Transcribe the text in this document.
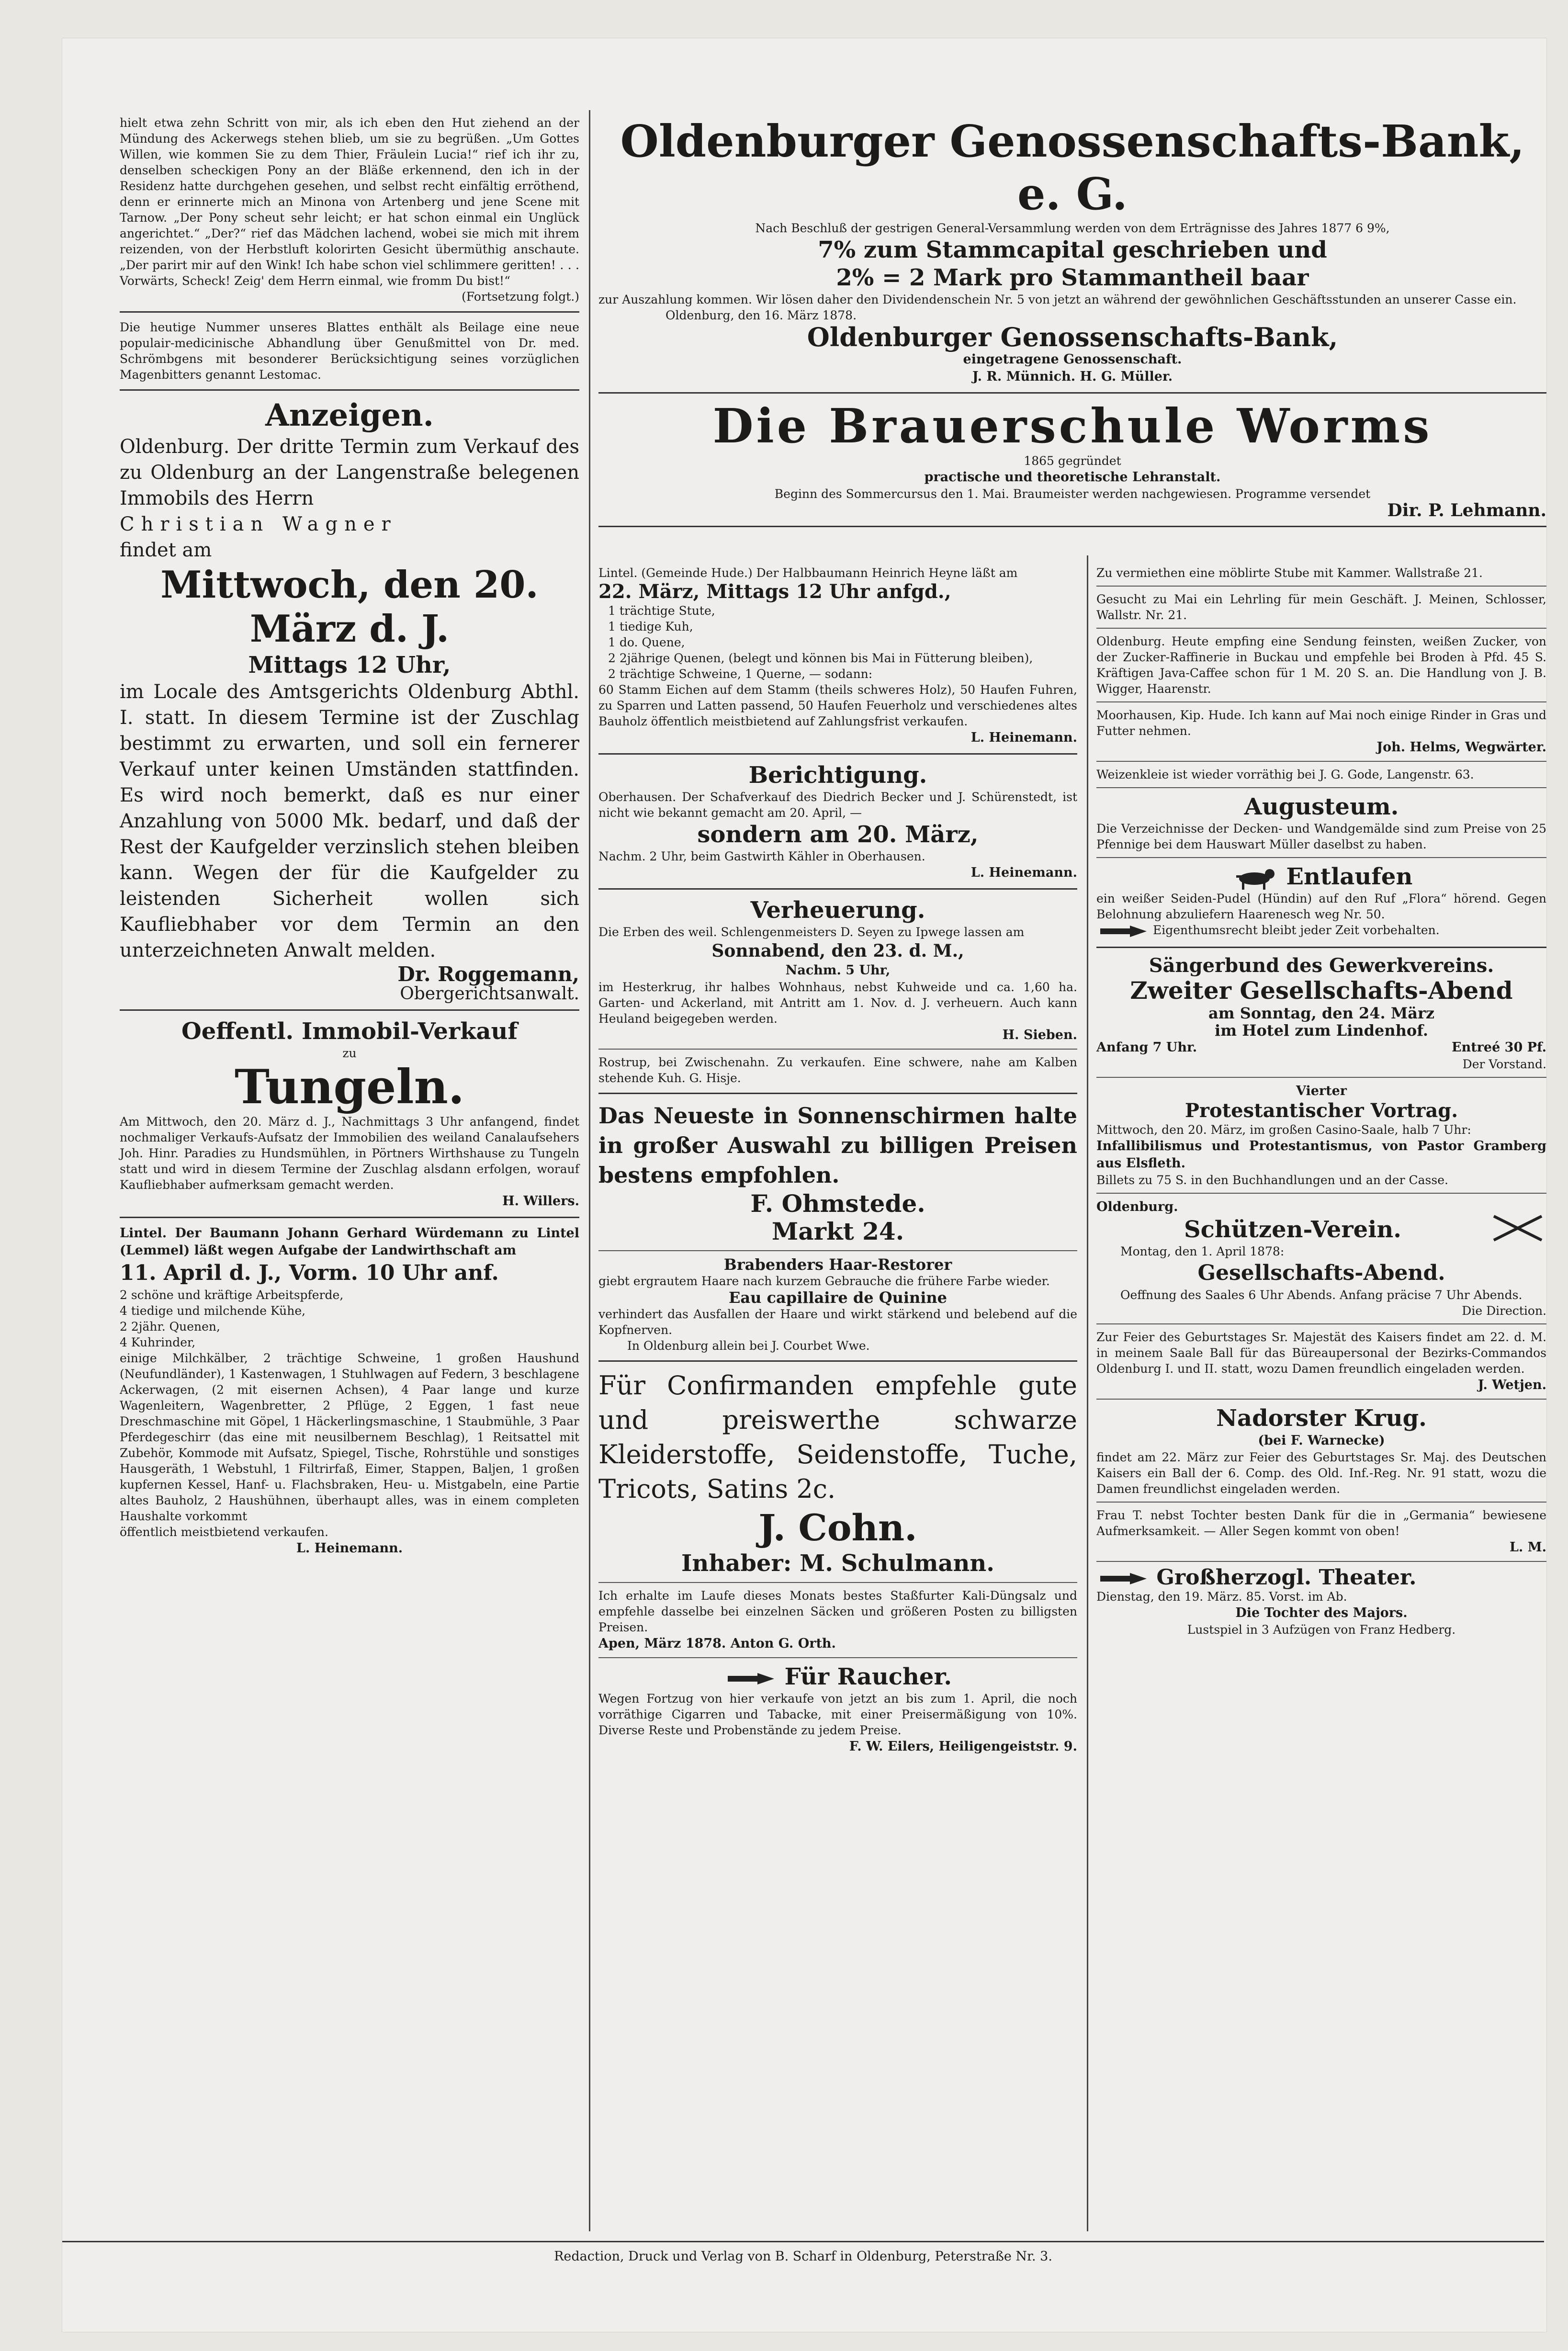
hielt etwa zehn Schritt von mir, als ich eben den Hut ziehend an der Mündung des Ackerwegs stehen blieb, um sie zu begrüßen. „Um Gottes Willen, wie kommen Sie zu dem Thier, Fräulein Lucia!“ rief ich ihr zu, denselben scheckigen Pony an der Bläße erkennend, den ich in der Residenz hatte durchgehen gesehen, und selbst recht einfältig erröthend, denn er erinnerte mich an Minona von Artenberg und jene Scene mit Tarnow. „Der Pony scheut sehr leicht; er hat schon einmal ein Unglück angerichtet.“ „Der?“ rief das Mädchen lachend, wobei sie mich mit ihrem reizenden, von der Herbstluft kolorirten Gesicht übermüthig anschaute. „Der parirt mir auf den Wink! Ich habe schon viel schlimmere geritten! . . . Vorwärts, Scheck! Zeig' dem Herrn einmal, wie fromm Du bist!“

(Fortsetzung folgt.)

Die heutige Nummer unseres Blattes enthält als Beilage eine neue populair-medicinische Abhandlung über Genußmittel von Dr. med. Schrömbgens mit besonderer Berücksichtigung seines vorzüglichen Magenbitters genannt Lestomac.

Anzeigen.

Oldenburg. Der dritte Termin zum Verkauf des zu Oldenburg an der Langenstraße belegenen Immobils des Herrn

Christian Wagner

findet am

Mittwoch, den 20. März d. J.
Mittags 12 Uhr,

im Locale des Amtsgerichts Oldenburg Abthl. I. statt. In diesem Termine ist der Zuschlag bestimmt zu erwarten, und soll ein fernerer Verkauf unter keinen Umständen stattfinden. Es wird noch bemerkt, daß es nur einer Anzahlung von 5000 Mk. bedarf, und daß der Rest der Kaufgelder verzinslich stehen bleiben kann. Wegen der für die Kaufgelder zu leistenden Sicherheit wollen sich Kaufliebhaber vor dem Termin an den unterzeichneten Anwalt melden.

Dr. Roggemann,
Obergerichtsanwalt.
Oeffentl. Immobil-Verkauf
zu
Tungeln.

Am Mittwoch, den 20. März d. J., Nachmittags 3 Uhr anfangend, findet nochmaliger Verkaufs-Aufsatz der Immobilien des weiland Canalaufsehers Joh. Hinr. Paradies zu Hundsmühlen, in Pörtners Wirthshause zu Tungeln statt und wird in diesem Termine der Zuschlag alsdann erfolgen, worauf Kaufliebhaber aufmerksam gemacht werden.

H. Willers.

Lintel. Der Baumann Johann Gerhard Würdemann zu Lintel (Lemmel) läßt wegen Aufgabe der Landwirthschaft am

11. April d. J., Vorm. 10 Uhr anf.
2 schöne und kräftige Arbeitspferde,
4 tiedige und milchende Kühe,
2 2jähr. Quenen,
4 Kuhrinder,

einige Milchkälber, 2 trächtige Schweine, 1 großen Haushund (Neufundländer), 1 Kastenwagen, 1 Stuhlwagen auf Federn, 3 beschlagene Ackerwagen, (2 mit eisernen Achsen), 4 Paar lange und kurze Wagenleitern, Wagenbretter, 2 Pflüge, 2 Eggen, 1 fast neue Dreschmaschine mit Göpel, 1 Häckerlingsmaschine, 1 Staubmühle, 3 Paar Pferdegeschirr (das eine mit neusilbernem Beschlag), 1 Reitsattel mit Zubehör, Kommode mit Aufsatz, Spiegel, Tische, Rohrstühle und sonstiges Hausgeräth, 1 Webstuhl, 1 Filtrirfaß, Eimer, Stappen, Baljen, 1 großen kupfernen Kessel, Hanf- u. Flachsbraken, Heu- u. Mistgabeln, eine Partie altes Bauholz, 2 Haushühnen, überhaupt alles, was in einem completen Haushalte vorkommt

öffentlich meistbietend verkaufen.
L. Heinemann.
Oldenburger Genossenschafts-Bank, e. G.
Nach Beschluß der gestrigen General-Versammlung werden von dem Erträgnisse des Jahres 1877 6 9%,
7% zum Stammcapital geschrieben und
2% = 2 Mark pro Stammantheil baar
zur Auszahlung kommen. Wir lösen daher den Dividendenschein Nr. 5 von jetzt an während der gewöhnlichen Geschäftsstunden an unserer Casse ein.
Oldenburg, den 16. März 1878.
Oldenburger Genossenschafts-Bank,
eingetragene Genossenschaft.
J. R. Münnich. H. G. Müller.
Die Brauerschule Worms
1865 gegründet
practische und theoretische Lehranstalt.
Beginn des Sommercursus den 1. Mai. Braumeister werden nachgewiesen. Programme versendet
Dir. P. Lehmann.

Lintel. (Gemeinde Hude.) Der Halbbaumann Heinrich Heyne läßt am

22. März, Mittags 12 Uhr anfgd.,
1 trächtige Stute,
1 tiedige Kuh,
1 do. Quene,
2 2jährige Quenen, (belegt und können bis Mai in Fütterung bleiben),
2 trächtige Schweine, 1 Querne, — sodann:

60 Stamm Eichen auf dem Stamm (theils schweres Holz), 50 Haufen Fuhren, zu Sparren und Latten passend, 50 Haufen Feuerholz und verschiedenes altes Bauholz öffentlich meistbietend auf Zahlungsfrist verkaufen.

L. Heinemann.
Berichtigung.

Oberhausen. Der Schafverkauf des Diedrich Becker und J. Schürenstedt, ist nicht wie bekannt gemacht am 20. April, —

sondern am 20. März,
Nachm. 2 Uhr, beim Gastwirth Kähler in Oberhausen.
L. Heinemann.
Verheuerung.

Die Erben des weil. Schlengenmeisters D. Seyen zu Ipwege lassen am

Sonnabend, den 23. d. M.,
Nachm. 5 Uhr,

im Hesterkrug, ihr halbes Wohnhaus, nebst Kuhweide und ca. 1,60 ha. Garten- und Ackerland, mit Antritt am 1. Nov. d. J. verheuern. Auch kann Heuland beigegeben werden.

H. Sieben.

Rostrup, bei Zwischenahn. Zu verkaufen. Eine schwere, nahe am Kalben stehende Kuh. G. Hisje.

Das Neueste in Sonnenschirmen halte in großer Auswahl zu billigen Preisen bestens empfohlen.

F. Ohmstede.
Markt 24.
Brabenders Haar-Restorer

giebt ergrautem Haare nach kurzem Gebrauche die frühere Farbe wieder.

Eau capillaire de Quinine

verhindert das Ausfallen der Haare und wirkt stärkend und belebend auf die Kopfnerven.

In Oldenburg allein bei J. Courbet Wwe.

Für Confirmanden empfehle gute und preiswerthe schwarze Kleiderstoffe, Seidenstoffe, Tuche, Tricots, Satins 2c.

J. Cohn.
Inhaber: M. Schulmann.

Ich erhalte im Laufe dieses Monats bestes Staßfurter Kali-Düngsalz und empfehle dasselbe bei einzelnen Säcken und größeren Posten zu billigsten Preisen.

Apen, März 1878. Anton G. Orth.
Für Raucher.

Wegen Fortzug von hier verkaufe von jetzt an bis zum 1. April, die noch vorräthige Cigarren und Tabacke, mit einer Preisermäßigung von 10%. Diverse Reste und Probenstände zu jedem Preise.

F. W. Eilers, Heiligengeiststr. 9.

Zu vermiethen eine möblirte Stube mit Kammer. Wallstraße 21.

Gesucht zu Mai ein Lehrling für mein Geschäft. J. Meinen, Schlosser, Wallstr. Nr. 21.

Oldenburg. Heute empfing eine Sendung feinsten, weißen Zucker, von der Zucker-Raffinerie in Buckau und empfehle bei Broden à Pfd. 45 S. Kräftigen Java-Caffee schon für 1 M. 20 S. an. Die Handlung von J. B. Wigger, Haarenstr.

Moorhausen, Kip. Hude. Ich kann auf Mai noch einige Rinder in Gras und Futter nehmen.

Joh. Helms, Wegwärter.

Weizenkleie ist wieder vorräthig bei J. G. Gode, Langenstr. 63.

Augusteum.

Die Verzeichnisse der Decken- und Wandgemälde sind zum Preise von 25 Pfennige bei dem Hauswart Müller daselbst zu haben.

Entlaufen

ein weißer Seiden-Pudel (Hündin) auf den Ruf „Flora“ hörend. Gegen Belohnung abzuliefern Haarenesch weg Nr. 50.

Eigenthumsrecht bleibt jeder Zeit vorbehalten.
Sängerbund des Gewerkvereins.
Zweiter Gesellschafts-Abend
am Sonntag, den 24. März
im Hotel zum Lindenhof.
Anfang 7 Uhr.	Entreé 30 Pf.
Der Vorstand.
Vierter
Protestantischer Vortrag.

Mittwoch, den 20. März, im großen Casino-Saale, halb 7 Uhr:

Infallibilismus und Protestantismus, von Pastor Gramberg aus Elsfleth.

Billets zu 75 S. in den Buchhandlungen und an der Casse.

Oldenburg.
Schützen-Verein.
Montag, den 1. April 1878:
Gesellschafts-Abend.

Oeffnung des Saales 6 Uhr Abends. Anfang präcise 7 Uhr Abends.

Die Direction.

Zur Feier des Geburtstages Sr. Majestät des Kaisers findet am 22. d. M. in meinem Saale Ball für das Büreaupersonal der Bezirks-Commandos Oldenburg I. und II. statt, wozu Damen freundlich eingeladen werden.

J. Wetjen.
Nadorster Krug.
(bei F. Warnecke)

findet am 22. März zur Feier des Geburtstages Sr. Maj. des Deutschen Kaisers ein Ball der 6. Comp. des Old. Inf.-Reg. Nr. 91 statt, wozu die Damen freundlichst eingeladen werden.

Frau T. nebst Tochter besten Dank für die in „Germania“ bewiesene Aufmerksamkeit. — Aller Segen kommt von oben!

L. M.
Großherzogl. Theater.
Dienstag, den 19. März. 85. Vorst. im Ab.
Die Tochter des Majors.
Lustspiel in 3 Aufzügen von Franz Hedberg.
Redaction, Druck und Verlag von B. Scharf in Oldenburg, Peterstraße Nr. 3.
